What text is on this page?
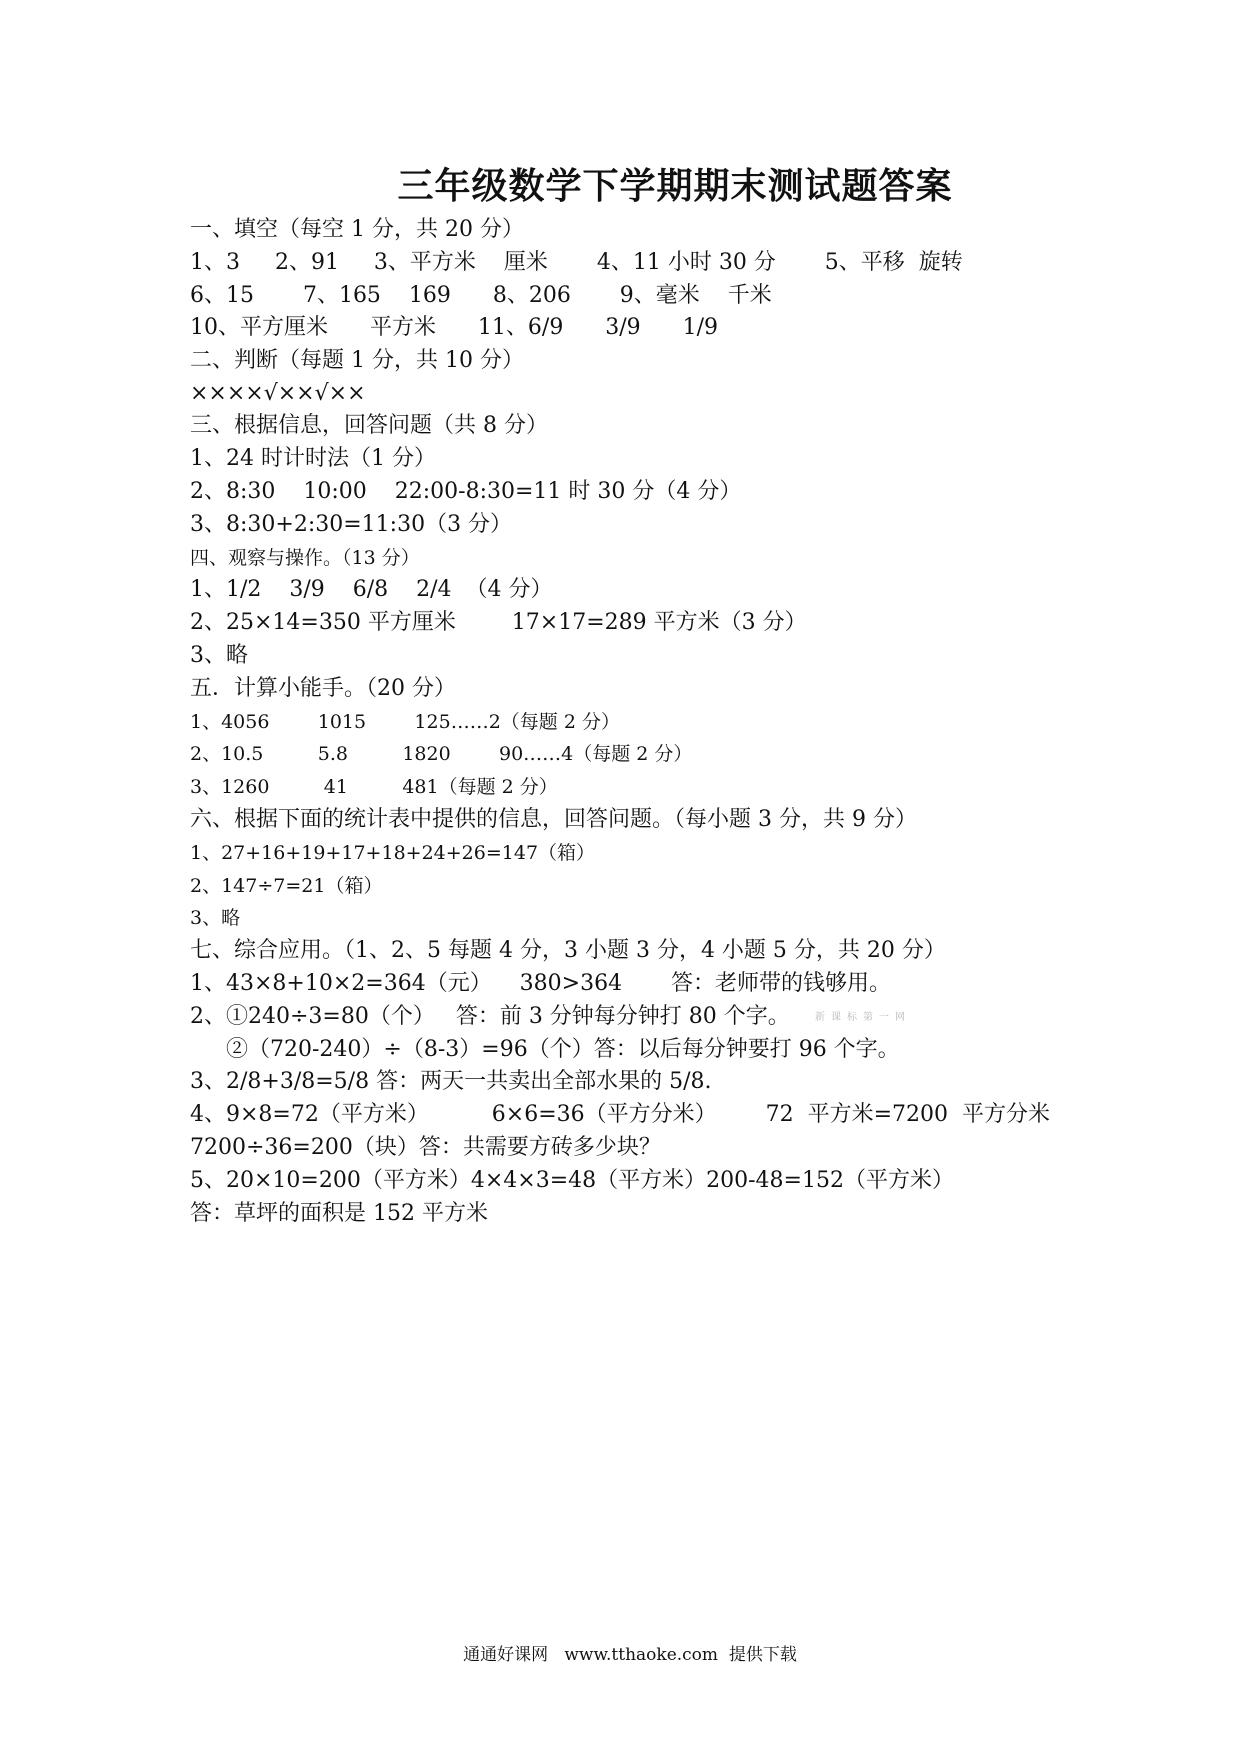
三年级数学下学期期末测试题答案
一、填空（每空 1 分，共 20 分）
1、3     2、91     3、平方米    厘米       4、11 小时 30 分       5、平移  旋转
6、15       7、165    169      8、206       9、毫米    千米
10、平方厘米      平方米      11、6/9      3/9      1/9
二、判断（每题 1 分，共 10 分）
××××√××√××
三、根据信息，回答问题（共 8 分）
1、24 时计时法（1 分）
2、8:30    10:00    22:00-8:30=11 时 30 分（4 分）
3、8:30+2:30=11:30（3 分）
四、观察与操作。（13 分）
1、1/2    3/9    6/8    2/4  （4 分）
2、25×14=350 平方厘米        17×17=289 平方米（3 分）
3、略
五．计算小能手。（20 分）
1、4056        1015        125……2（每题 2 分）
2、10.5         5.8         1820        90……4（每题 2 分）
3、1260         41         481（每题 2 分）
六、根据下面的统计表中提供的信息，回答问题。（每小题 3 分，共 9 分）
1、27+16+19+17+18+24+26=147（箱）
2、147÷7=21（箱）
3、略
七、综合应用。（1、2、5 每题 4 分，3 小题 3 分，4 小题 5 分，共 20 分）
1、43×8+10×2=364（元）    380>364       答：老师带的钱够用。
2、①240÷3=80（个）   答：前 3 分钟每分钟打 80 个字。
②（720-240）÷（8-3）=96（个）答：以后每分钟要打 96 个字。
3、2/8+3/8=5/8 答：两天一共卖出全部水果的 5/8.
4、9×8=72（平方米）         6×6=36（平方分米）       72  平方米=7200  平方分米
7200÷36=200（块）答：共需要方砖多少块？
5、20×10=200（平方米）4×4×3=48（平方米）200-48=152（平方米）
答：草坪的面积是 152 平方米
新课标第一网
通通好课网   www.tthaoke.com  提供下载
